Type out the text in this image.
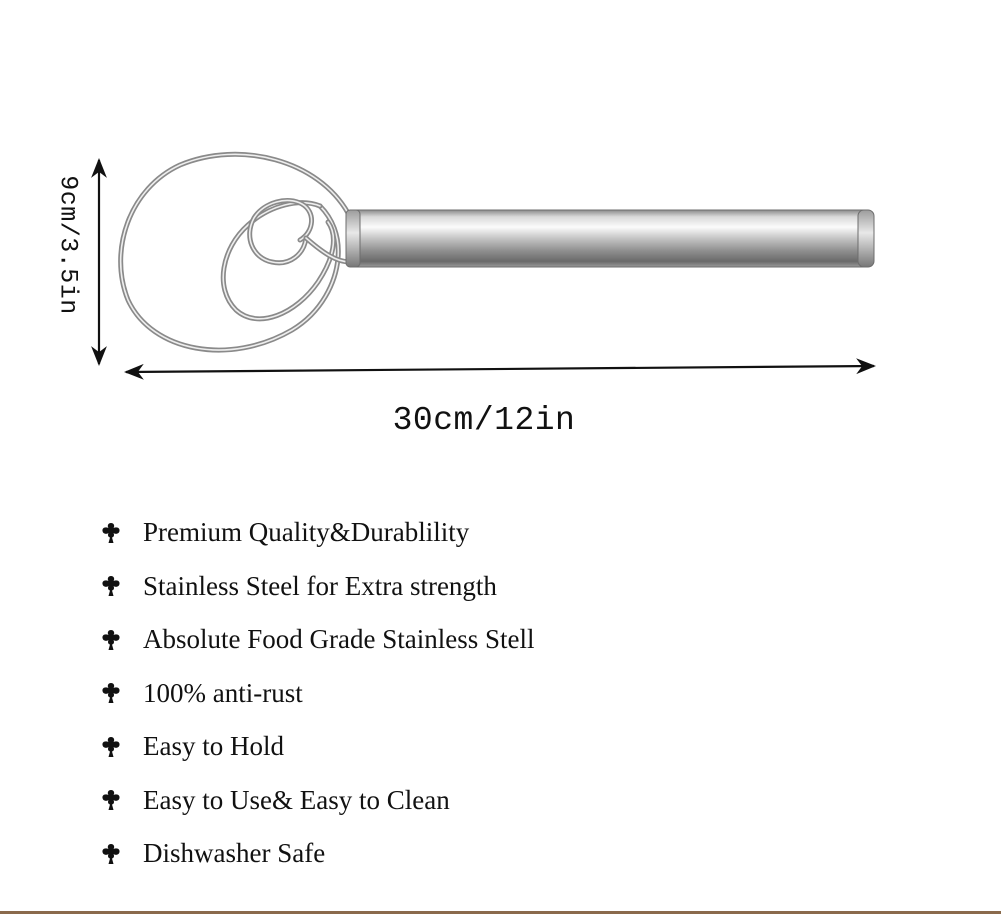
9cm/3.5in
30cm/12in
Premium Quality&Durablility
Stainless Steel for Extra strength
Absolute Food Grade Stainless Stell
100% anti-rust
Easy to Hold
Easy to Use& Easy to Clean
Dishwasher Safe
